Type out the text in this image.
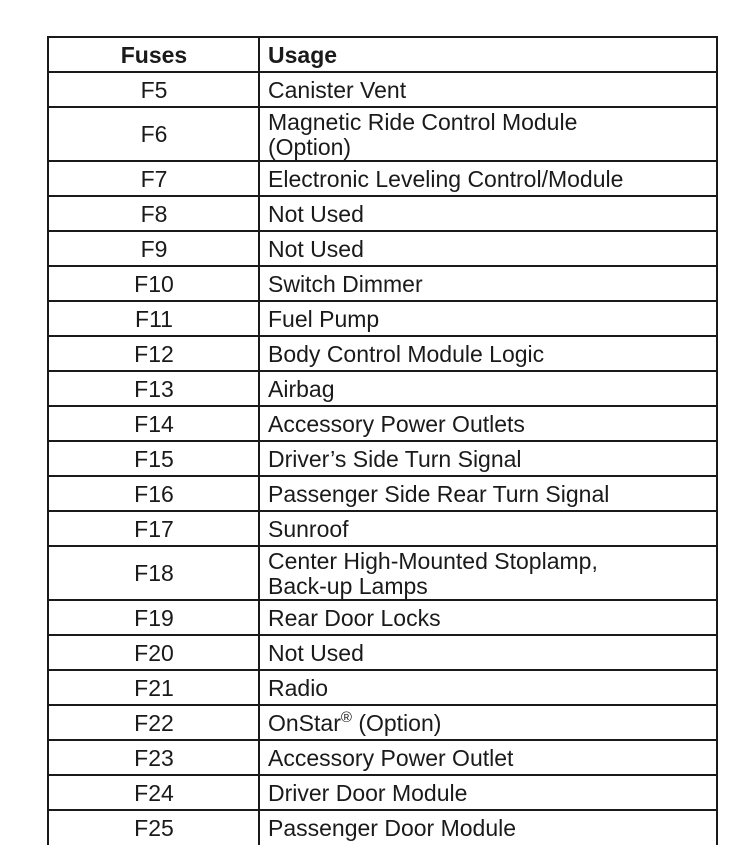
Fuses	Usage
F5	Canister Vent
F6	Magnetic Ride Control Module
(Option)
F7	Electronic Leveling Control/Module
F8	Not Used
F9	Not Used
F10	Switch Dimmer
F11	Fuel Pump
F12	Body Control Module Logic
F13	Airbag
F14	Accessory Power Outlets
F15	Driver’s Side Turn Signal
F16	Passenger Side Rear Turn Signal
F17	Sunroof
F18	Center High-Mounted Stoplamp,
Back-up Lamps
F19	Rear Door Locks
F20	Not Used
F21	Radio
F22	OnStar® (Option)
F23	Accessory Power Outlet
F24	Driver Door Module
F25	Passenger Door Module
